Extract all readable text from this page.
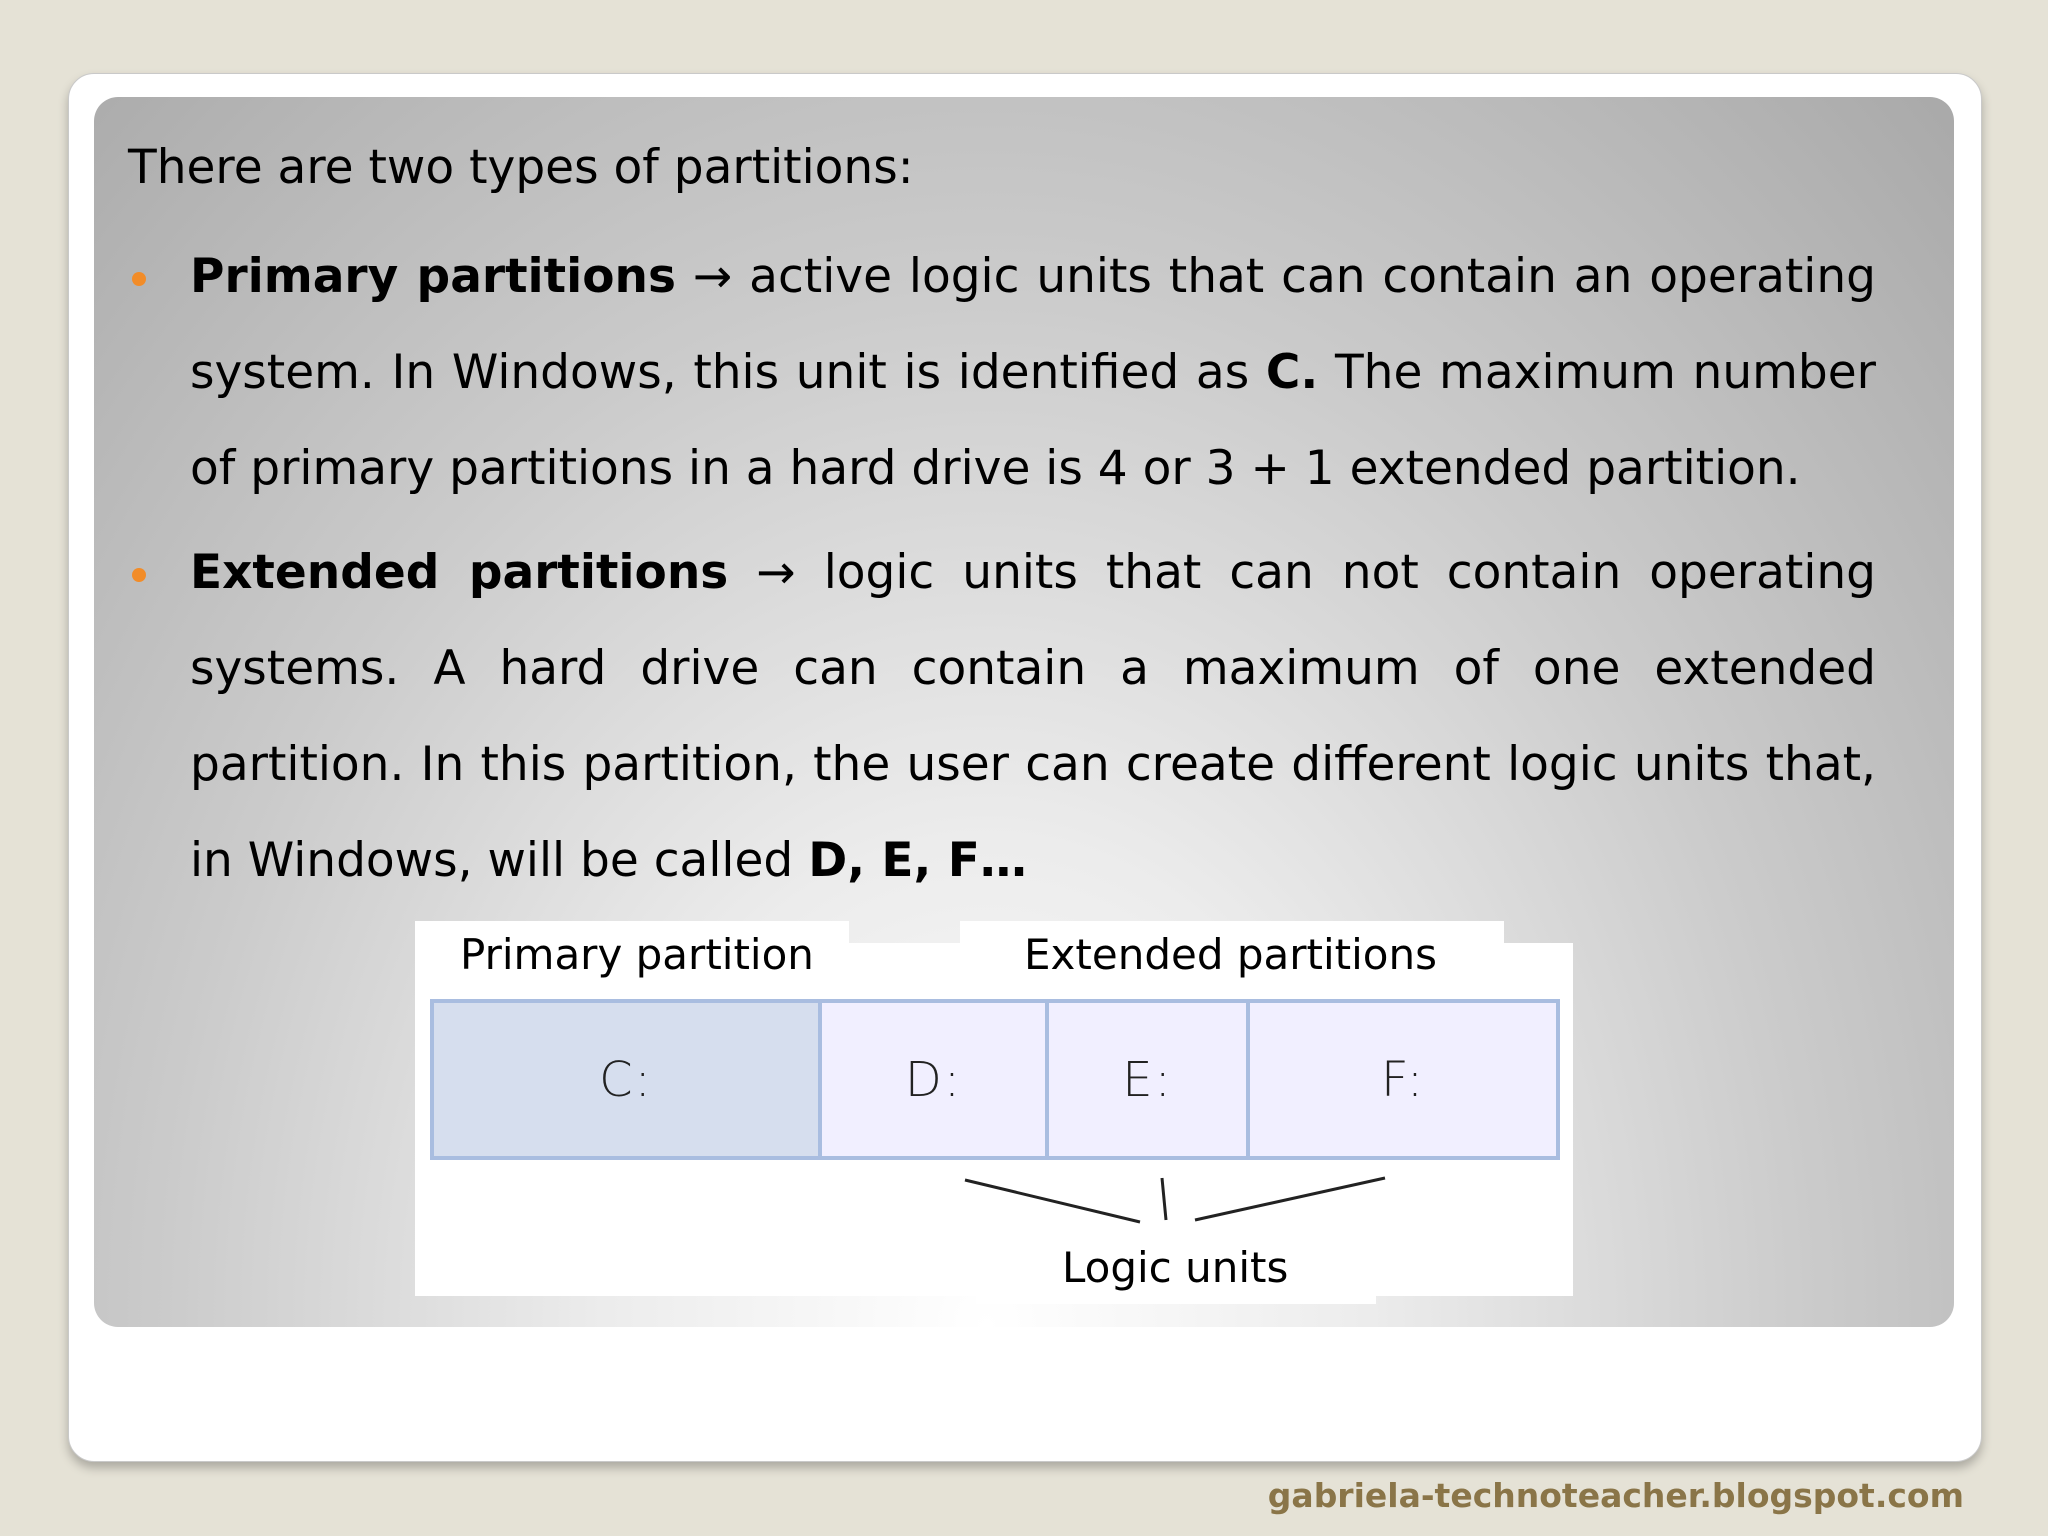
There are two types of partitions:
Primary partitions → active logic units that can contain an operating system. In Windows, this unit is identified as C. The maximum number of primary partitions in a hard drive is 4 or 3 + 1 extended partition.
Extended partitions → logic units that can not contain operating systems. A hard drive can contain a maximum of one extended partition. In this partition, the user can create different logic units that, in Windows, will be called D, E, F…
Primary partition	Extended partitions
C:	D:	E:	F:
Logic units
gabriela-technoteacher.blogspot.com
